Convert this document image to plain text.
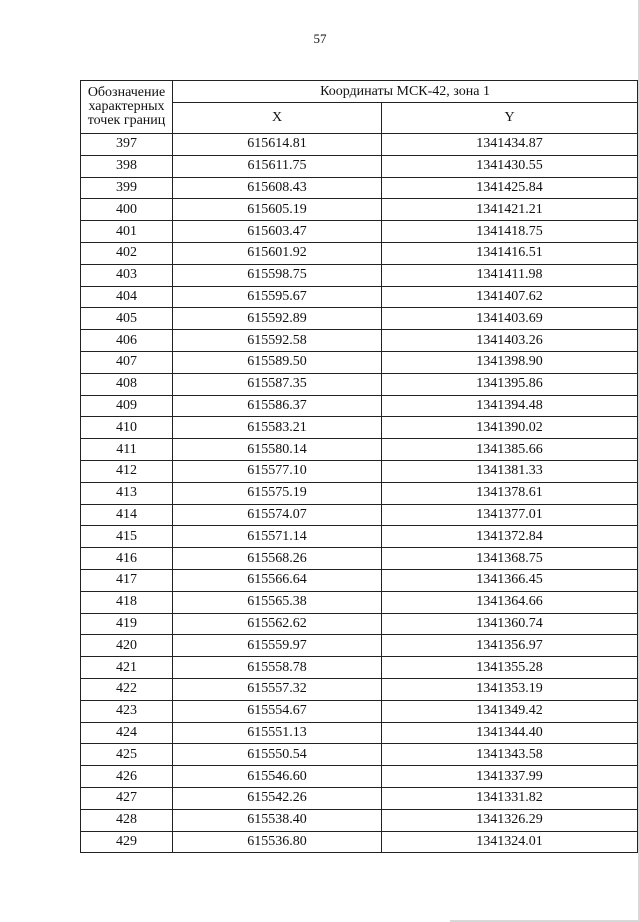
57
Обозначение
характерных
точек границ	Координаты МСК-42, зона 1	
	X	Y
397	615614.81	1341434.87
398	615611.75	1341430.55
399	615608.43	1341425.84
400	615605.19	1341421.21
401	615603.47	1341418.75
402	615601.92	1341416.51
403	615598.75	1341411.98
404	615595.67	1341407.62
405	615592.89	1341403.69
406	615592.58	1341403.26
407	615589.50	1341398.90
408	615587.35	1341395.86
409	615586.37	1341394.48
410	615583.21	1341390.02
411	615580.14	1341385.66
412	615577.10	1341381.33
413	615575.19	1341378.61
414	615574.07	1341377.01
415	615571.14	1341372.84
416	615568.26	1341368.75
417	615566.64	1341366.45
418	615565.38	1341364.66
419	615562.62	1341360.74
420	615559.97	1341356.97
421	615558.78	1341355.28
422	615557.32	1341353.19
423	615554.67	1341349.42
424	615551.13	1341344.40
425	615550.54	1341343.58
426	615546.60	1341337.99
427	615542.26	1341331.82
428	615538.40	1341326.29
429	615536.80	1341324.01
